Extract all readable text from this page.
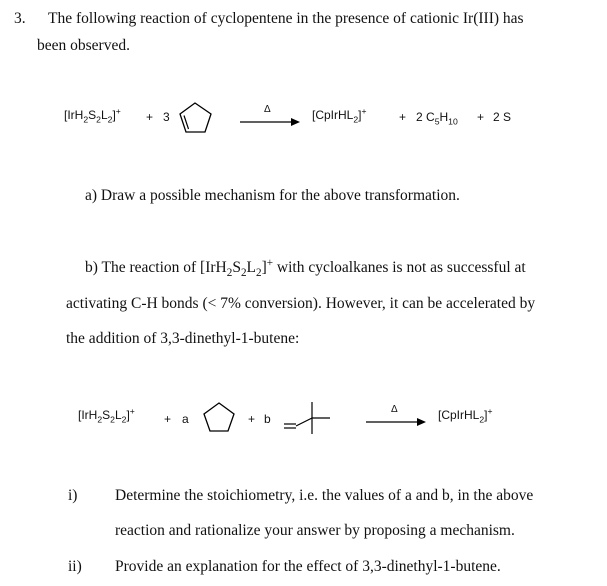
3. The following reaction of cyclopentene in the presence of cationic Ir(III) has
been observed.
$[IrH_2S_2L_2]^+ + 3$
Δ	[CpIrHL$_2$]+	+ 2 $C_5H_{10} + 2$ S
a) Draw a possible mechanism for the above transformation.
b) The reaction of $[IrH_2S_2L_2]^+$ with cycloalkanes is not as successful at
activating C-H bonds (< 7% conversion). However, it can be accelerated by
the addition of 3,3-dinethyl-1-butene:
$[IrH_2S_2L_2]^+$
+ a	+ b
Δ	[CpIrHL$_2$]+
i) Determine the stoichiometry, i.e. the values of a and b, in the above
reaction and rationalize your answer by proposing a mechanism.
ii) Provide an explanation for the effect of 3,3-dinethyl-1-butene.
